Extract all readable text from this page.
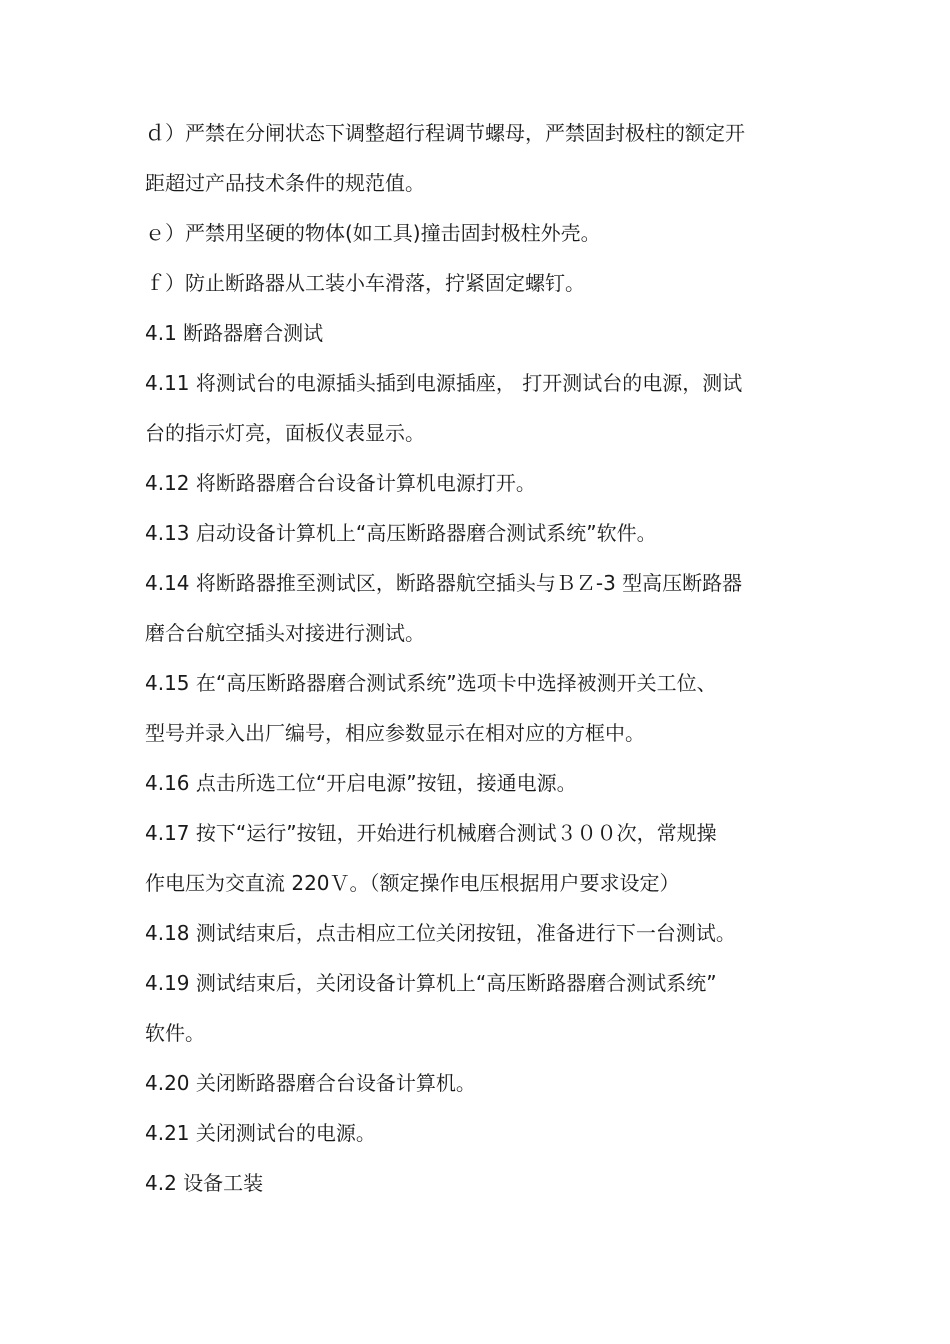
ｄ）严禁在分闸状态下调整超行程调节螺母，严禁固封极柱的额定开
距超过产品技术条件的规范值。
ｅ）严禁用坚硬的物体(如工具)撞击固封极柱外壳。
ｆ）防止断路器从工装小车滑落，拧紧固定螺钉。
4.1 断路器磨合测试
4.11 将测试台的电源插头插到电源插座， 打开测试台的电源，测试
台的指示灯亮，面板仪表显示。
4.12 将断路器磨合台设备计算机电源打开。
4.13 启动设备计算机上“高压断路器磨合测试系统”软件。
4.14 将断路器推至测试区，断路器航空插头与ＢＺ-3 型高压断路器
磨合台航空插头对接进行测试。
4.15 在“高压断路器磨合测试系统”选项卡中选择被测开关工位、
型号并录入出厂编号，相应参数显示在相对应的方框中。
4.16 点击所选工位“开启电源”按钮，接通电源。
4.17 按下“运行”按钮，开始进行机械磨合测试３００次，常规操
作电压为交直流 220Ｖ。（额定操作电压根据用户要求设定）
4.18 测试结束后，点击相应工位关闭按钮，准备进行下一台测试。
4.19 测试结束后，关闭设备计算机上“高压断路器磨合测试系统”
软件。
4.20 关闭断路器磨合台设备计算机。
4.21 关闭测试台的电源。
4.2 设备工装
